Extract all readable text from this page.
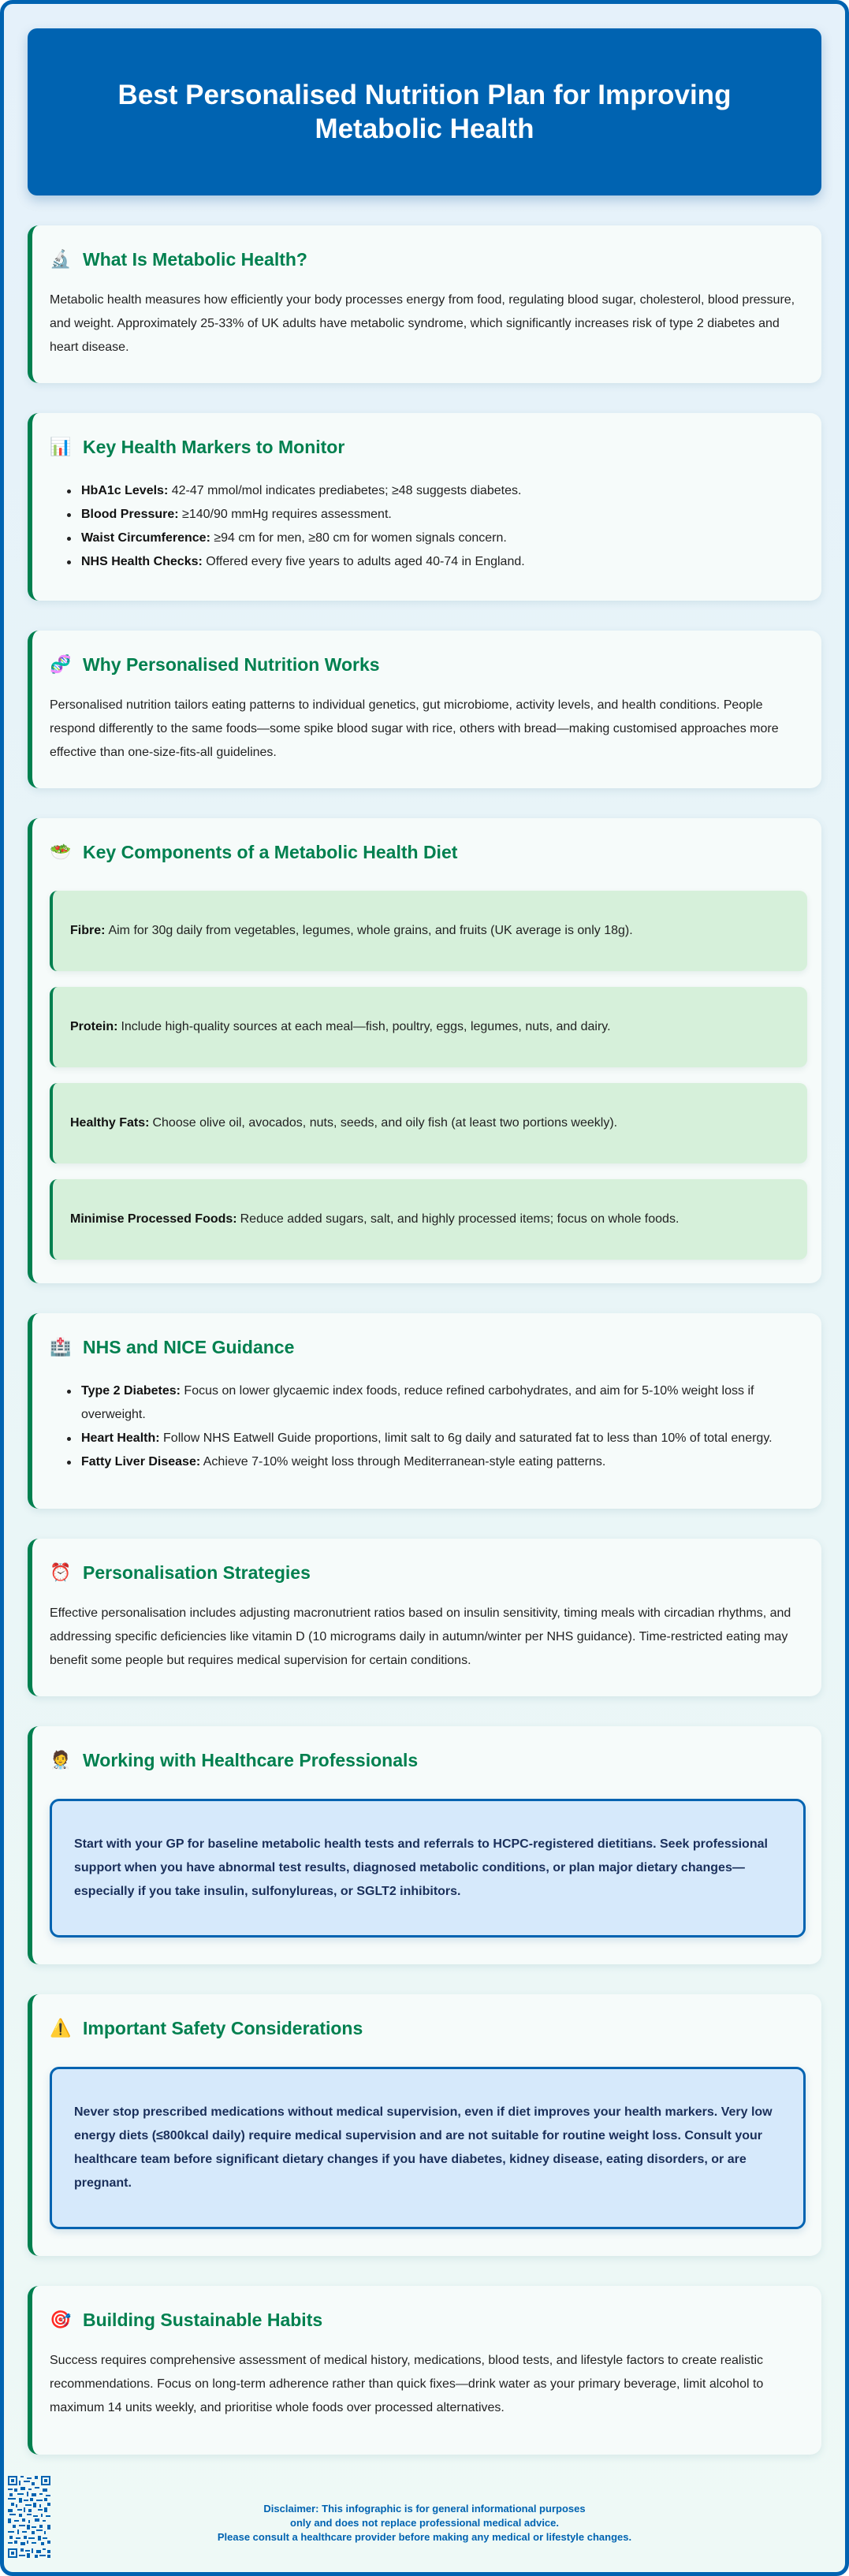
Best Personalised Nutrition Plan for Improving Metabolic Health
🔬 What Is Metabolic Health?

Metabolic health measures how efficiently your body processes energy from food, regulating blood sugar, cholesterol, blood pressure, and weight. Approximately 25-33% of UK adults have metabolic syndrome, which significantly increases risk of type 2 diabetes and heart disease.

📊 Key Health Markers to Monitor
HbA1c Levels: 42-47 mmol/mol indicates prediabetes; ≥48 suggests diabetes.
Blood Pressure: ≥140/90 mmHg requires assessment.
Waist Circumference: ≥94 cm for men, ≥80 cm for women signals concern.
NHS Health Checks: Offered every five years to adults aged 40-74 in England.
🧬 Why Personalised Nutrition Works

Personalised nutrition tailors eating patterns to individual genetics, gut microbiome, activity levels, and health conditions. People respond differently to the same foods—some spike blood sugar with rice, others with bread—making customised approaches more effective than one-size-fits-all guidelines.

🥗 Key Components of a Metabolic Health Diet
Fibre: Aim for 30g daily from vegetables, legumes, whole grains, and fruits (UK average is only 18g).
Protein: Include high-quality sources at each meal—fish, poultry, eggs, legumes, nuts, and dairy.
Healthy Fats: Choose olive oil, avocados, nuts, seeds, and oily fish (at least two portions weekly).
Minimise Processed Foods: Reduce added sugars, salt, and highly processed items; focus on whole foods.
🏥 NHS and NICE Guidance
Type 2 Diabetes: Focus on lower glycaemic index foods, reduce refined carbohydrates, and aim for 5-10% weight loss if overweight.
Heart Health: Follow NHS Eatwell Guide proportions, limit salt to 6g daily and saturated fat to less than 10% of total energy.
Fatty Liver Disease: Achieve 7-10% weight loss through Mediterranean-style eating patterns.
⏰ Personalisation Strategies

Effective personalisation includes adjusting macronutrient ratios based on insulin sensitivity, timing meals with circadian rhythms, and addressing specific deficiencies like vitamin D (10 micrograms daily in autumn/winter per NHS guidance). Time-restricted eating may benefit some people but requires medical supervision for certain conditions.

🧑‍⚕️ Working with Healthcare Professionals
Start with your GP for baseline metabolic health tests and referrals to HCPC-registered dietitians. Seek professional support when you have abnormal test results, diagnosed metabolic conditions, or plan major dietary changes—especially if you take insulin, sulfonylureas, or SGLT2 inhibitors.
⚠️ Important Safety Considerations
Never stop prescribed medications without medical supervision, even if diet improves your health markers. Very low energy diets (≤800kcal daily) require medical supervision and are not suitable for routine weight loss. Consult your healthcare team before significant dietary changes if you have diabetes, kidney disease, eating disorders, or are pregnant.
🎯 Building Sustainable Habits

Success requires comprehensive assessment of medical history, medications, blood tests, and lifestyle factors to create realistic recommendations. Focus on long-term adherence rather than quick fixes—drink water as your primary beverage, limit alcohol to maximum 14 units weekly, and prioritise whole foods over processed alternatives.

Disclaimer: This infographic is for general informational purposes
only and does not replace professional medical advice.
Please consult a healthcare provider before making any medical or lifestyle changes.
